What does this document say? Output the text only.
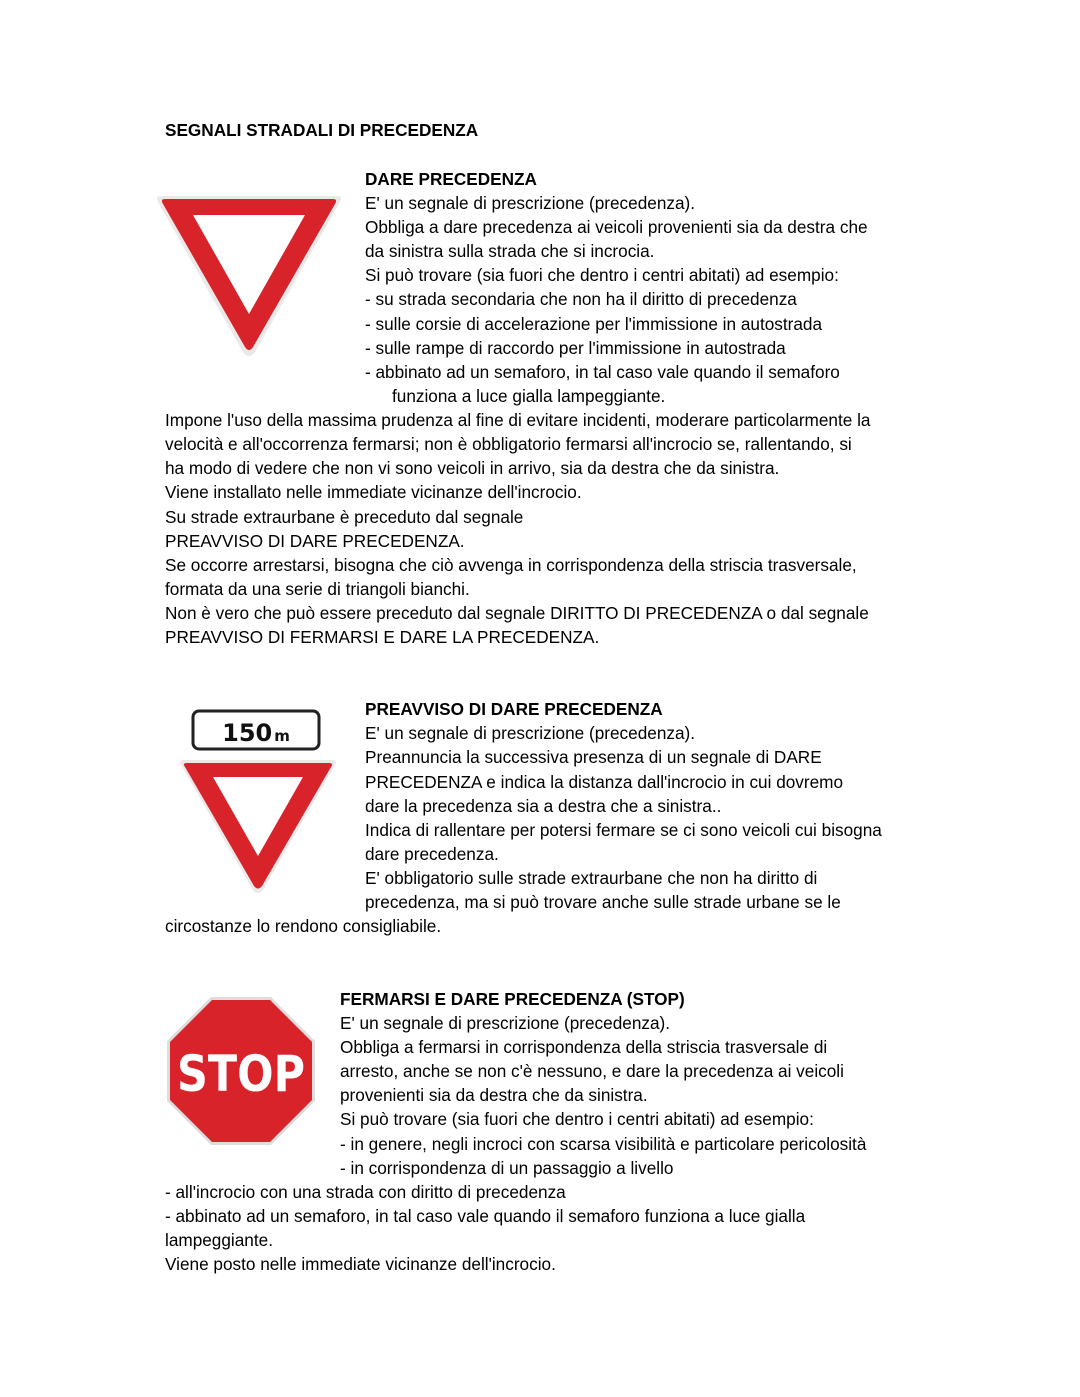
SEGNALI STRADALI DI PRECEDENZA
DARE PRECEDENZA
E' un segnale di prescrizione (precedenza).
Obbliga a dare precedenza ai veicoli provenienti sia da destra che
da sinistra sulla strada che si incrocia.
Si può trovare (sia fuori che dentro i centri abitati) ad esempio:
- su strada secondaria che non ha il diritto di precedenza
- sulle corsie di accelerazione per l'immissione in autostrada
- sulle rampe di raccordo per l'immissione in autostrada
- abbinato ad un semaforo, in tal caso vale quando il semaforo
funziona a luce gialla lampeggiante.
Impone l'uso della massima prudenza al fine di evitare incidenti, moderare particolarmente la
velocità e all'occorrenza fermarsi; non è obbligatorio fermarsi all'incrocio se, rallentando, si
ha modo di vedere che non vi sono veicoli in arrivo, sia da destra che da sinistra.
Viene installato nelle immediate vicinanze dell'incrocio.
Su strade extraurbane è preceduto dal segnale
PREAVVISO DI DARE PRECEDENZA.
Se occorre arrestarsi, bisogna che ciò avvenga in corrispondenza della striscia trasversale,
formata da una serie di triangoli bianchi.
Non è vero che può essere preceduto dal segnale DIRITTO DI PRECEDENZA o dal segnale
PREAVVISO DI FERMARSI E DARE LA PRECEDENZA.
150 m
PREAVVISO DI DARE PRECEDENZA
E' un segnale di prescrizione (precedenza).
Preannuncia la successiva presenza di un segnale di DARE
PRECEDENZA e indica la distanza dall'incrocio in cui dovremo
dare la precedenza sia a destra che a sinistra..
Indica di rallentare per potersi fermare se ci sono veicoli cui bisogna
dare precedenza.
E' obbligatorio sulle strade extraurbane che non ha diritto di
precedenza, ma si può trovare anche sulle strade urbane se le
circostanze lo rendono consigliabile.
STOP
FERMARSI E DARE PRECEDENZA (STOP)
E' un segnale di prescrizione (precedenza).
Obbliga a fermarsi in corrispondenza della striscia trasversale di
arresto, anche se non c'è nessuno, e dare la precedenza ai veicoli
provenienti sia da destra che da sinistra.
Si può trovare (sia fuori che dentro i centri abitati) ad esempio:
- in genere, negli incroci con scarsa visibilità e particolare pericolosità
- in corrispondenza di un passaggio a livello
- all'incrocio con una strada con diritto di precedenza
- abbinato ad un semaforo, in tal caso vale quando il semaforo funziona a luce gialla
lampeggiante.
Viene posto nelle immediate vicinanze dell'incrocio.
